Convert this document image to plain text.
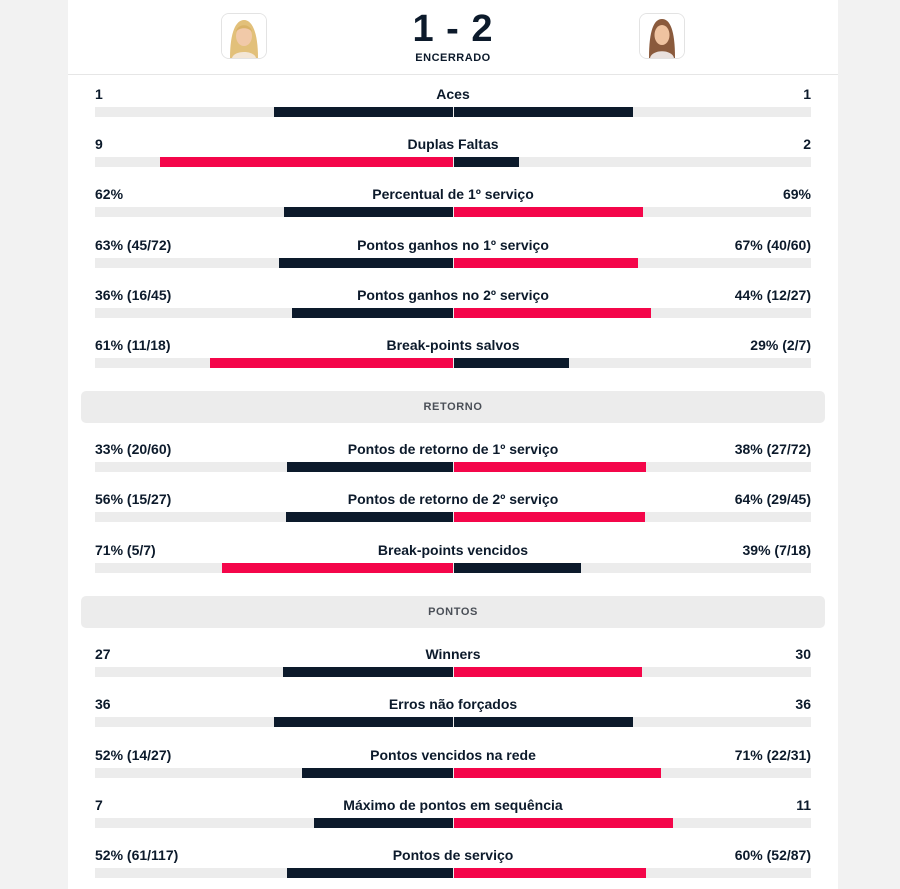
1 - 2
ENCERRADO
1	Aces	1
9	Duplas Faltas	2
62%	Percentual de 1º serviço	69%
63% (45/72)	Pontos ganhos no 1º serviço	67% (40/60)
36% (16/45)	Pontos ganhos no 2º serviço	44% (12/27)
61% (11/18)	Break-points salvos	29% (2/7)
RETORNO
33% (20/60)	Pontos de retorno de 1º serviço	38% (27/72)
56% (15/27)	Pontos de retorno de 2º serviço	64% (29/45)
71% (5/7)	Break-points vencidos	39% (7/18)
PONTOS
27	Winners	30
36	Erros não forçados	36
52% (14/27)	Pontos vencidos na rede	71% (22/31)
7	Máximo de pontos em sequência	11
52% (61/117)	Pontos de serviço	60% (52/87)
